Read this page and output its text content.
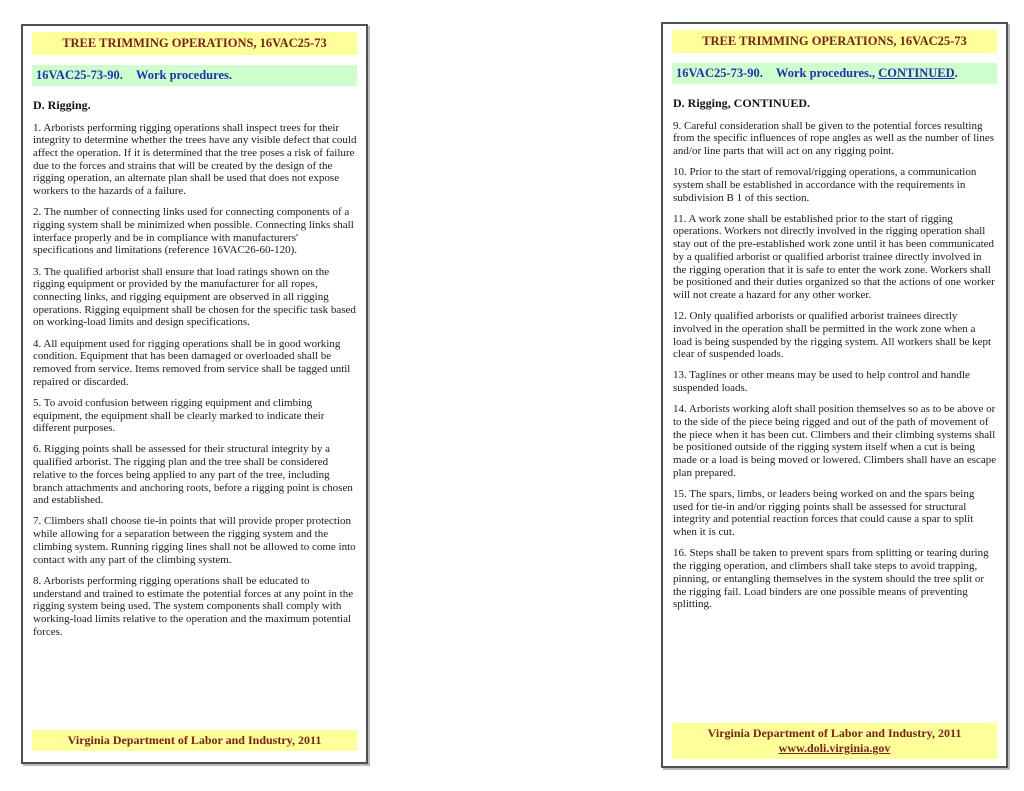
TREE TRIMMING OPERATIONS, 16VAC25-73
16VAC25-73-90. Work procedures.
D. Rigging.

1. Arborists performing rigging operations shall inspect trees for their integrity to determine whether the trees have any visible defect that could affect the operation. If it is determined that the tree poses a risk of failure due to the forces and strains that will be created by the design of the rigging operation, an alternate plan shall be used that does not expose workers to the hazards of a failure.

2. The number of connecting links used for connecting components of a rigging system shall be minimized when possible. Connecting links shall interface properly and be in compliance with manufacturers' specifications and limitations (reference 16VAC26-60-120).

3. The qualified arborist shall ensure that load ratings shown on the rigging equipment or provided by the manufacturer for all ropes, connecting links, and rigging equipment are observed in all rigging operations. Rigging equipment shall be chosen for the specific task based on working-load limits and design specifications.

4. All equipment used for rigging operations shall be in good working condition. Equipment that has been damaged or overloaded shall be removed from service. Items removed from service shall be tagged until repaired or discarded.

5. To avoid confusion between rigging equipment and climbing equipment, the equipment shall be clearly marked to indicate their different purposes.

6. Rigging points shall be assessed for their structural integrity by a qualified arborist. The rigging plan and the tree shall be considered relative to the forces being applied to any part of the tree, including branch attachments and anchoring roots, before a rigging point is chosen and established.

7. Climbers shall choose tie-in points that will provide proper protection while allowing for a separation between the rigging system and the climbing system. Running rigging lines shall not be allowed to come into contact with any part of the climbing system.

8. Arborists performing rigging operations shall be educated to understand and trained to estimate the potential forces at any point in the rigging system being used. The system components shall comply with working-load limits relative to the operation and the maximum potential forces.

Virginia Department of Labor and Industry, 2011
TREE TRIMMING OPERATIONS, 16VAC25-73
16VAC25-73-90. Work procedures., CONTINUED.
D. Rigging, CONTINUED.

9. Careful consideration shall be given to the potential forces resulting from the specific influences of rope angles as well as the number of lines and/or line parts that will act on any rigging point.

10. Prior to the start of removal/rigging operations, a communication system shall be established in accordance with the requirements in subdivision B 1 of this section.

11. A work zone shall be established prior to the start of rigging operations. Workers not directly involved in the rigging operation shall stay out of the pre-established work zone until it has been communicated by a qualified arborist or qualified arborist trainee directly involved in the rigging operation that it is safe to enter the work zone. Workers shall be positioned and their duties organized so that the actions of one worker will not create a hazard for any other worker.

12. Only qualified arborists or qualified arborist trainees directly involved in the operation shall be permitted in the work zone when a load is being suspended by the rigging system. All workers shall be kept clear of suspended loads.

13. Taglines or other means may be used to help control and handle suspended loads.

14. Arborists working aloft shall position themselves so as to be above or to the side of the piece being rigged and out of the path of movement of the piece when it has been cut. Climbers and their climbing systems shall be positioned outside of the rigging system itself when a cut is being made or a load is being moved or lowered. Climbers shall have an escape plan prepared.

15. The spars, limbs, or leaders being worked on and the spars being used for tie-in and/or rigging points shall be assessed for structural integrity and potential reaction forces that could cause a spar to split when it is cut.

16. Steps shall be taken to prevent spars from splitting or tearing during the rigging operation, and climbers shall take steps to avoid trapping, pinning, or entangling themselves in the system should the tree split or the rigging fail. Load binders are one possible means of preventing splitting.

Virginia Department of Labor and Industry, 2011
www.doli.virginia.gov
